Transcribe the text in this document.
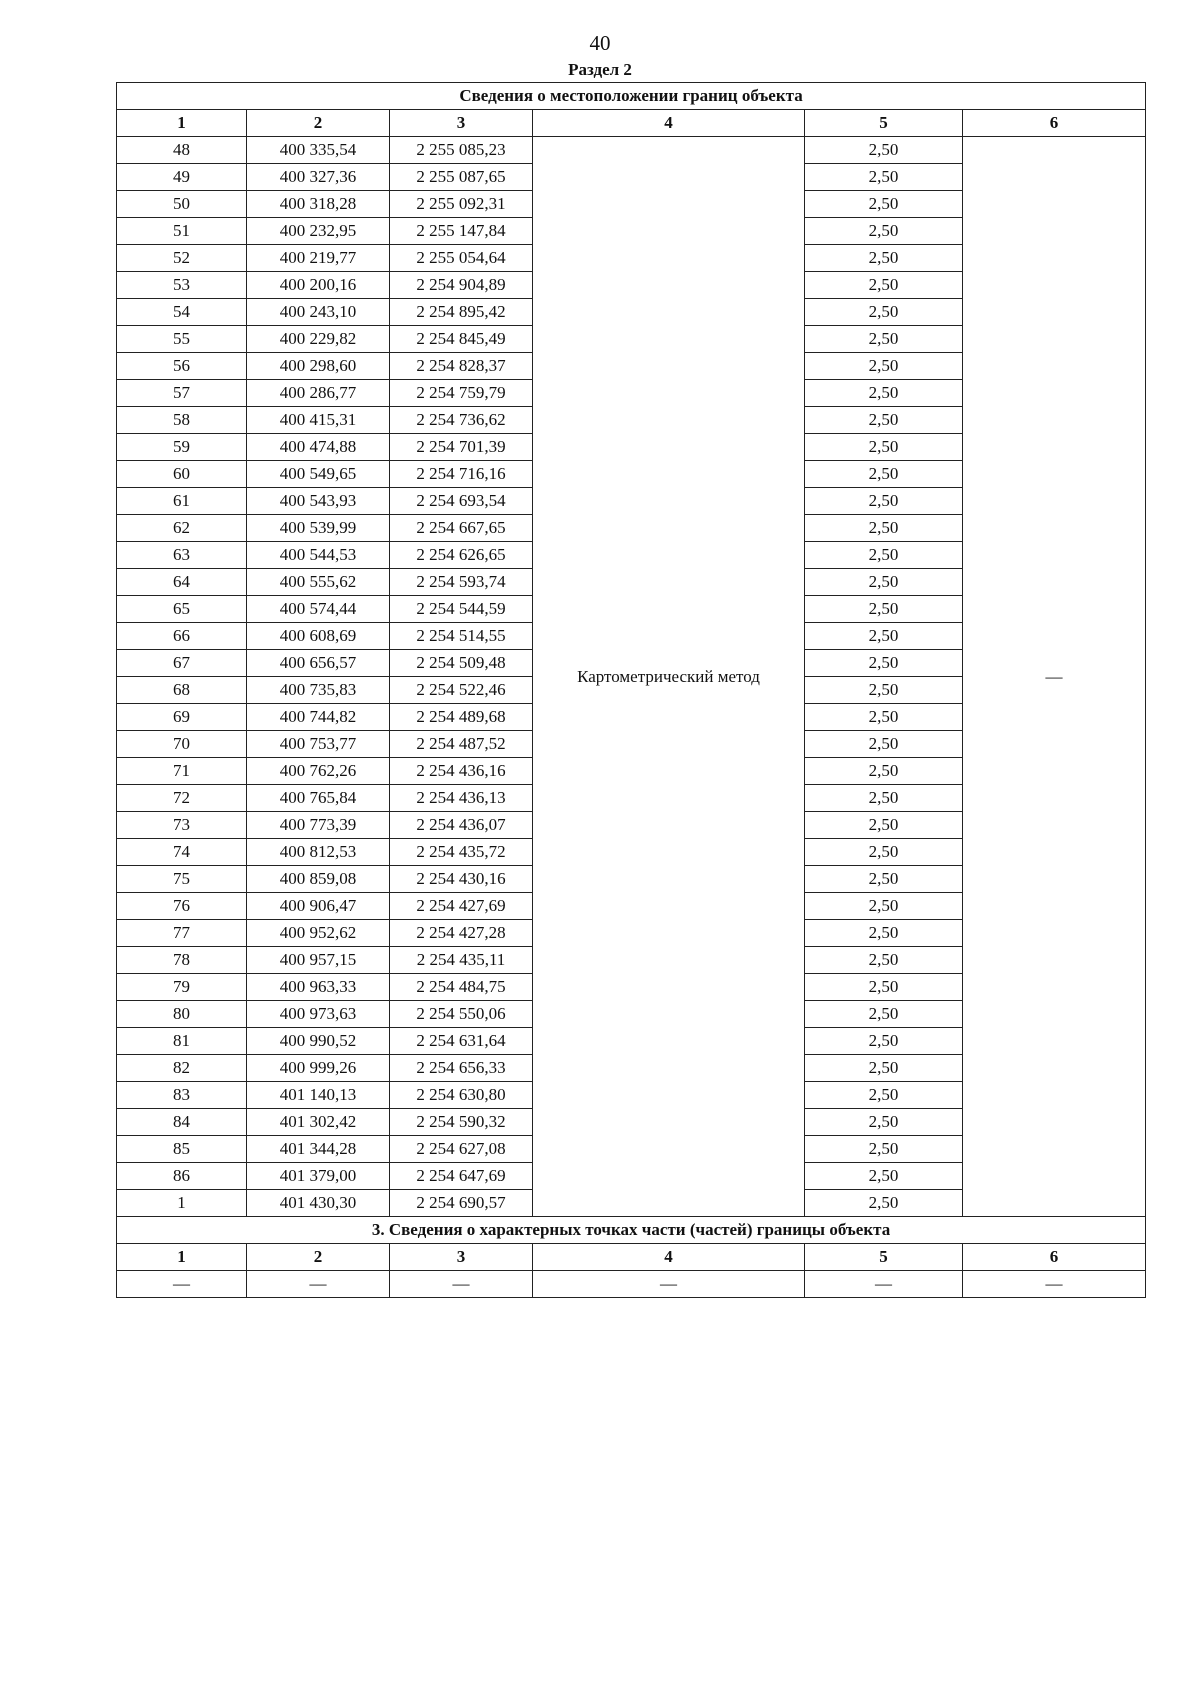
40
Раздел 2
Сведения о местоположении границ объекта					
1	2	3	4	5	6
48	400 335,54	2 255 085,23	Картометрический метод	2,50	—
49	400 327,36	2 255 087,65		2,50	
50	400 318,28	2 255 092,31		2,50	
51	400 232,95	2 255 147,84		2,50	
52	400 219,77	2 255 054,64		2,50	
53	400 200,16	2 254 904,89		2,50	
54	400 243,10	2 254 895,42		2,50	
55	400 229,82	2 254 845,49		2,50	
56	400 298,60	2 254 828,37		2,50	
57	400 286,77	2 254 759,79		2,50	
58	400 415,31	2 254 736,62		2,50	
59	400 474,88	2 254 701,39		2,50	
60	400 549,65	2 254 716,16		2,50	
61	400 543,93	2 254 693,54		2,50	
62	400 539,99	2 254 667,65		2,50	
63	400 544,53	2 254 626,65		2,50	
64	400 555,62	2 254 593,74		2,50	
65	400 574,44	2 254 544,59		2,50	
66	400 608,69	2 254 514,55		2,50	
67	400 656,57	2 254 509,48		2,50	
68	400 735,83	2 254 522,46		2,50	
69	400 744,82	2 254 489,68		2,50	
70	400 753,77	2 254 487,52		2,50	
71	400 762,26	2 254 436,16		2,50	
72	400 765,84	2 254 436,13		2,50	
73	400 773,39	2 254 436,07		2,50	
74	400 812,53	2 254 435,72		2,50	
75	400 859,08	2 254 430,16		2,50	
76	400 906,47	2 254 427,69		2,50	
77	400 952,62	2 254 427,28		2,50	
78	400 957,15	2 254 435,11		2,50	
79	400 963,33	2 254 484,75		2,50	
80	400 973,63	2 254 550,06		2,50	
81	400 990,52	2 254 631,64		2,50	
82	400 999,26	2 254 656,33		2,50	
83	401 140,13	2 254 630,80		2,50	
84	401 302,42	2 254 590,32		2,50	
85	401 344,28	2 254 627,08		2,50	
86	401 379,00	2 254 647,69		2,50	
1	401 430,30	2 254 690,57		2,50	
3. Сведения о характерных точках части (частей) границы объекта					
1	2	3	4	5	6
—	—	—	—	—	—
